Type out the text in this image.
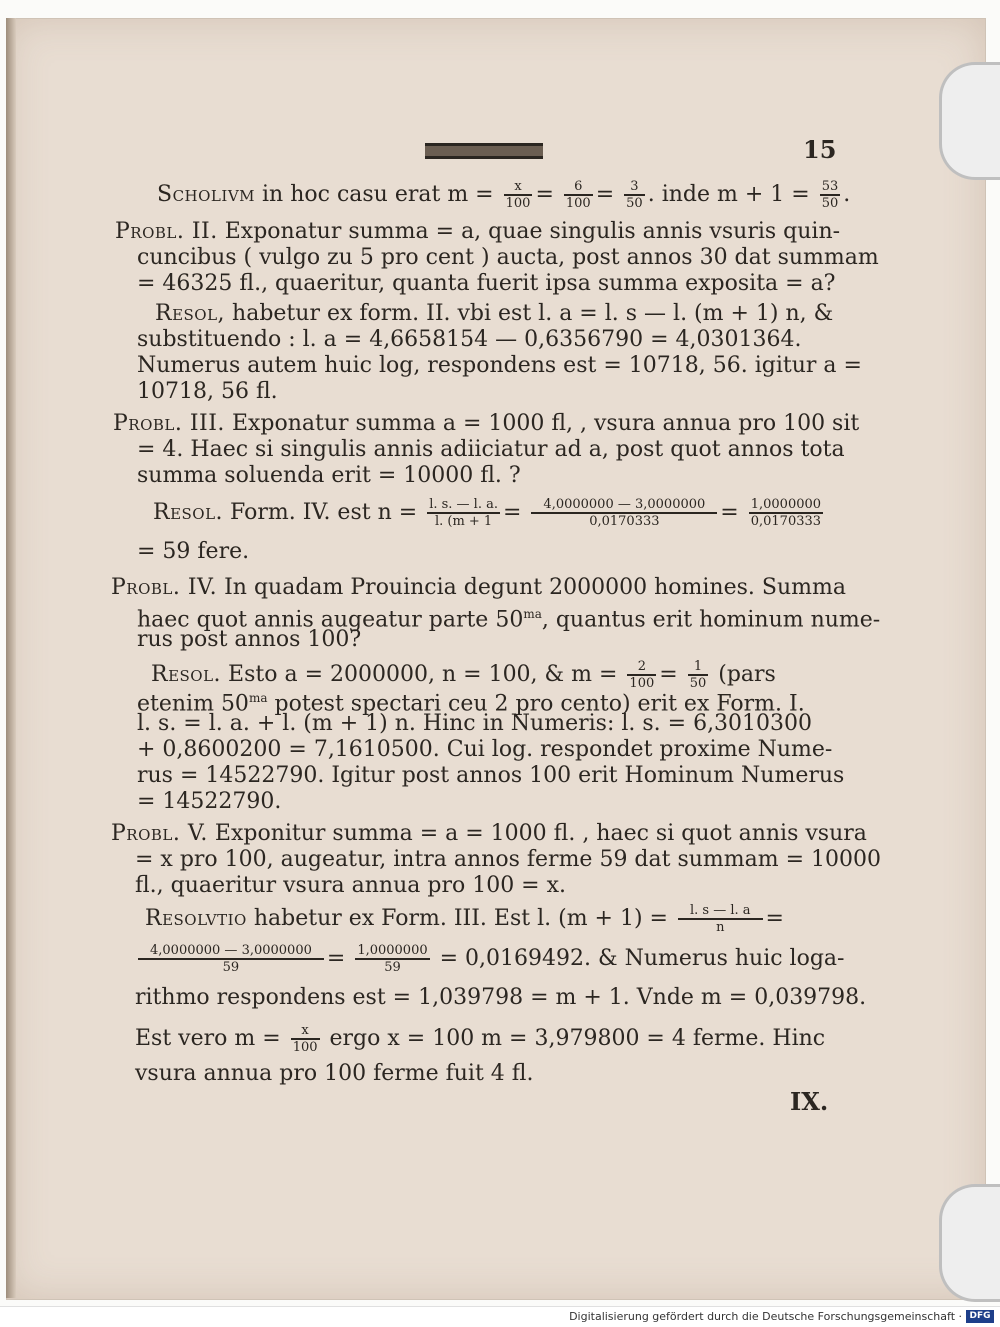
15
Scholivm in hoc casu erat $m = \frac{x}{100} = \frac{6}{100} = \frac{3}{50}$ . inde $m + 1 = \frac{53}{50}$ .
Probl. II. Exponatur summa = a, quae singulis annis vsuris quin-
cuncibus ( vulgo zu 5 pro cent ) aucta, post annos 30 dat summam
= 46325 fl., quaeritur, quanta fuerit ipsa summa exposita = a?
Resol, habetur ex form. II. vbi est l. a = l. s — l. (m + 1) n, &
substituendo : l. a = 4,6658154 — 0,6356790 = 4,0301364.
Numerus autem huic log, respondens est = 10718, 56. igitur a =
10718, 56 fl.
Probl. III. Exponatur summa a = 1000 fl, , vsura annua pro 100 sit
= 4. Haec si singulis annis adiiciatur ad a, post quot annos tota
summa soluenda erit = 10000 fl. ?
Resol. Form. IV. est $n = \frac{l. s. — l. a.}{l. (m + 1} = \frac{4,0000000 — 3,0000000}{0,0170333} = \frac{1,0000000}{0,0170333}$
= 59 fere.
Probl. IV. In quadam Prouincia degunt 2000000 homines. Summa
haec quot annis augeatur parte $50^{ma}$, quantus erit hominum nume-
rus post annos 100?
Resol. Esto a = 2000000, n = 100, & $m = \frac{2}{100} = \frac{1}{50}$ (pars
etenim $50^{ma}$ potest spectari ceu 2 pro cento) erit ex Form. I.
l. s. = l. a. + l. (m + 1) n. Hinc in Numeris: l. s. = 6,3010300
+ 0,8600200 = 7,1610500. Cui log. respondet proxime Nume-
rus = 14522790. Igitur post annos 100 erit Hominum Numerus
= 14522790.
Probl. V. Exponitur summa = a = 1000 fl. , haec si quot annis vsura
= x pro 100, augeatur, intra annos ferme 59 dat summam = 10000
fl., quaeritur vsura annua pro 100 = x.
Resolvtio habetur ex Form. III. Est l. $(m + 1) = \frac{l. s — l. a}{n}$ =
$\frac{4,0000000 — 3,0000000}{59} = \frac{1,0000000}{59} = 0,0169492$. & Numerus huic loga-
rithmo respondens est = 1,039798 = m + 1. Vnde m = 0,039798.
Est vero $m = \frac{x}{100}$ ergo x = 100 m = 3,979800 = 4 ferme. Hinc
vsura annua pro 100 ferme fuit 4 fl.
IX.
Digitalisierung gefördert durch die Deutsche Forschungsgemeinschaft · DFG
